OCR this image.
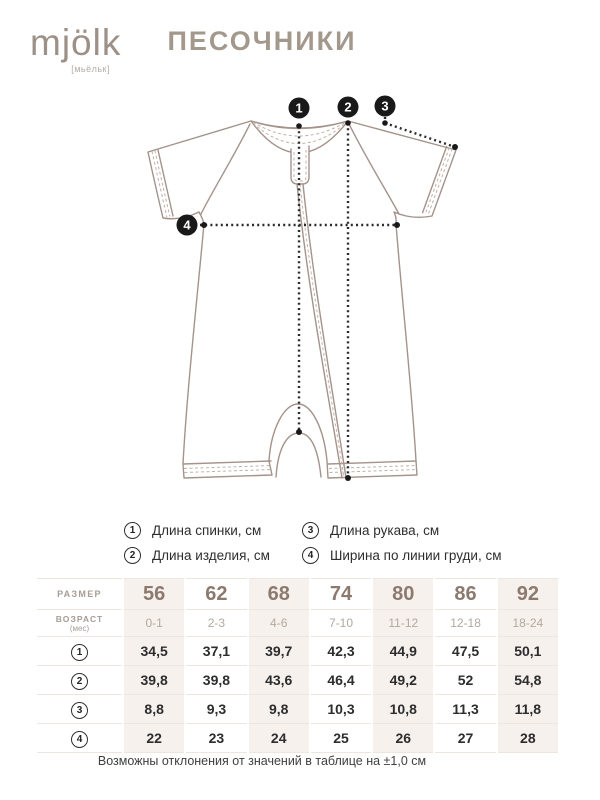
mjölk
[мьёльк]
ПЕСОЧНИКИ
1	2 3
4
1	Длина спинки, см
2	Длина изделия, см
3	Длина рукава, см
4	Ширина по линии груди, см
РАЗМЕР	56	62	68	74	80	86	92

ВОЗРАСТ
(мес)	0-1	2-3	4-6	7-10	11-12	12-18	18-24
1	34,5	37,1	39,7	42,3	44,9	47,5	50,1
2	39,8	39,8	43,6	46,4	49,2	52	54,8
3	8,8	9,3	9,8	10,3	10,8	11,3	11,8
4	22	23	24	25	26	27	28
Возможны отклонения от значений в таблице на ±1,0 см
